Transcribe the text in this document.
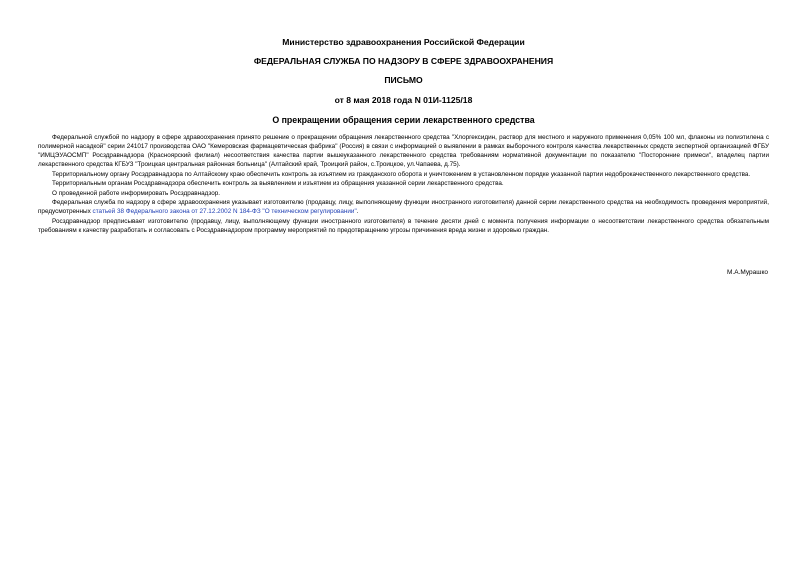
Министерство здравоохранения Российской Федерации
ФЕДЕРАЛЬНАЯ СЛУЖБА ПО НАДЗОРУ В СФЕРЕ ЗДРАВООХРАНЕНИЯ
ПИСЬМО
от 8 мая 2018 года N 01И-1125/18
О прекращении обращения серии лекарственного средства

Федеральной службой по надзору в сфере здравоохранения принято решение о прекращении обращения лекарственного средства "Хлоргексидин, раствор для местного и наружного применения 0,05% 100 мл, флаконы из полиэтилена с полимерной насадкой" серии 241017 производства ОАО "Кемеровская фармацевтическая фабрика" (Россия) в связи с информацией о выявлении в рамках выборочного контроля качества лекарственных средств экспертной организацией ФГБУ "ИМЦЭУАОСМП" Росздравнадзора (Красноярский филиал) несоответствия качества партии вышеуказанного лекарственного средства требованиям нормативной документации по показателю "Посторонние примеси", владелец партии лекарственного средства КГБУЗ "Троицкая центральная районная больница" (Алтайский край, Троицкий район, с.Троицкое, ул.Чапаева, д.75).

Территориальному органу Росздравнадзора по Алтайскому краю обеспечить контроль за изъятием из гражданского оборота и уничтожением в установленном порядке указанной партии недоброкачественного лекарственного средства.

Территориальным органам Росздравнадзора обеспечить контроль за выявлением и изъятием из обращения указанной серии лекарственного средства.

О проведенной работе информировать Росздравнадзор.

Федеральная служба по надзору в сфере здравоохранения указывает изготовителю (продавцу, лицу, выполняющему функции иностранного изготовителя) данной серии лекарственного средства на необходимость проведения мероприятий, предусмотренных статьей 38 Федерального закона от 27.12.2002 N 184-ФЗ "О техническом регулировании".

Росздравнадзор предписывает изготовителю (продавцу, лицу, выполняющему функции иностранного изготовителя) в течение десяти дней с момента получения информации о несоответствии лекарственного средства обязательным требованиям к качеству разработать и согласовать с Росздравнадзором программу мероприятий по предотвращению угрозы причинения вреда жизни и здоровью граждан.

М.А.Мурашко
